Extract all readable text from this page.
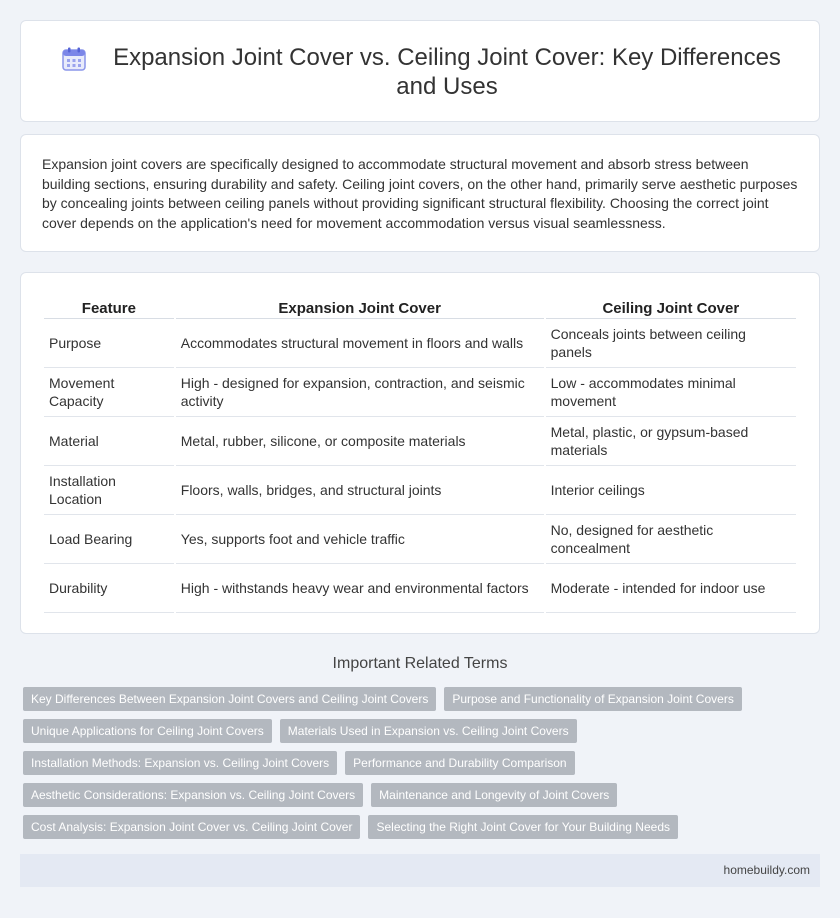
Expansion Joint Cover vs. Ceiling Joint Cover: Key Differences and Uses

Expansion joint covers are specifically designed to accommodate structural movement and absorb stress between building sections, ensuring durability and safety. Ceiling joint covers, on the other hand, primarily serve aesthetic purposes by concealing joints between ceiling panels without providing significant structural flexibility. Choosing the correct joint cover depends on the application's need for movement accommodation versus visual seamlessness.

Feature	Expansion Joint Cover	Ceiling Joint Cover
Purpose	Accommodates structural movement in floors and walls	Conceals joints between ceiling panels
Movement Capacity	High - designed for expansion, contraction, and seismic activity	Low - accommodates minimal movement
Material	Metal, rubber, silicone, or composite materials	Metal, plastic, or gypsum-based materials
Installation Location	Floors, walls, bridges, and structural joints	Interior ceilings
Load Bearing	Yes, supports foot and vehicle traffic	No, designed for aesthetic concealment
Durability	High - withstands heavy wear and environmental factors	Moderate - intended for indoor use
Important Related Terms
Key Differences Between Expansion Joint Covers and Ceiling Joint Covers	Purpose and Functionality of Expansion Joint Covers
Unique Applications for Ceiling Joint Covers	Materials Used in Expansion vs. Ceiling Joint Covers
Installation Methods: Expansion vs. Ceiling Joint Covers	Performance and Durability Comparison
Aesthetic Considerations: Expansion vs. Ceiling Joint Covers	Maintenance and Longevity of Joint Covers
Cost Analysis: Expansion Joint Cover vs. Ceiling Joint Cover	Selecting the Right Joint Cover for Your Building Needs
homebuildy.com
